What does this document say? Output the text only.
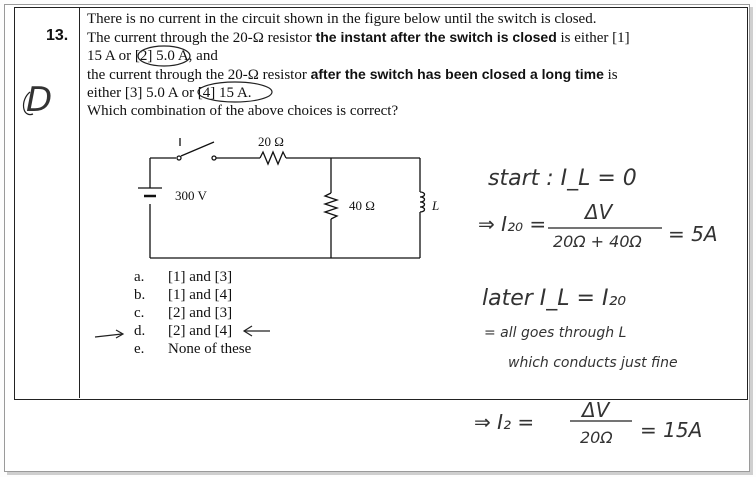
13.
There is no current in the circuit shown in the figure below until the switch is closed.
The current through the 20-Ω resistor the instant after the switch is closed is either [1]
15 A or [2] 5.0 A, and
the current through the 20-Ω resistor after the switch has been closed a long time is
either [3] 5.0 A or [4] 15 A.
Which combination of the above choices is correct?
20 Ω
300 V
40 Ω	L
a.	[1] and [3]
b.	[1] and [4]
c.	[2] and [3]
d.	[2] and [4]
e.	None of these
D
start : I_L = 0
⇒ I₂₀ = ΔV
20Ω + 40Ω = 5A
later I_L = I₂₀
= all goes through L
which conducts just fine
⇒ I₂ = ΔV
20Ω = 15A
